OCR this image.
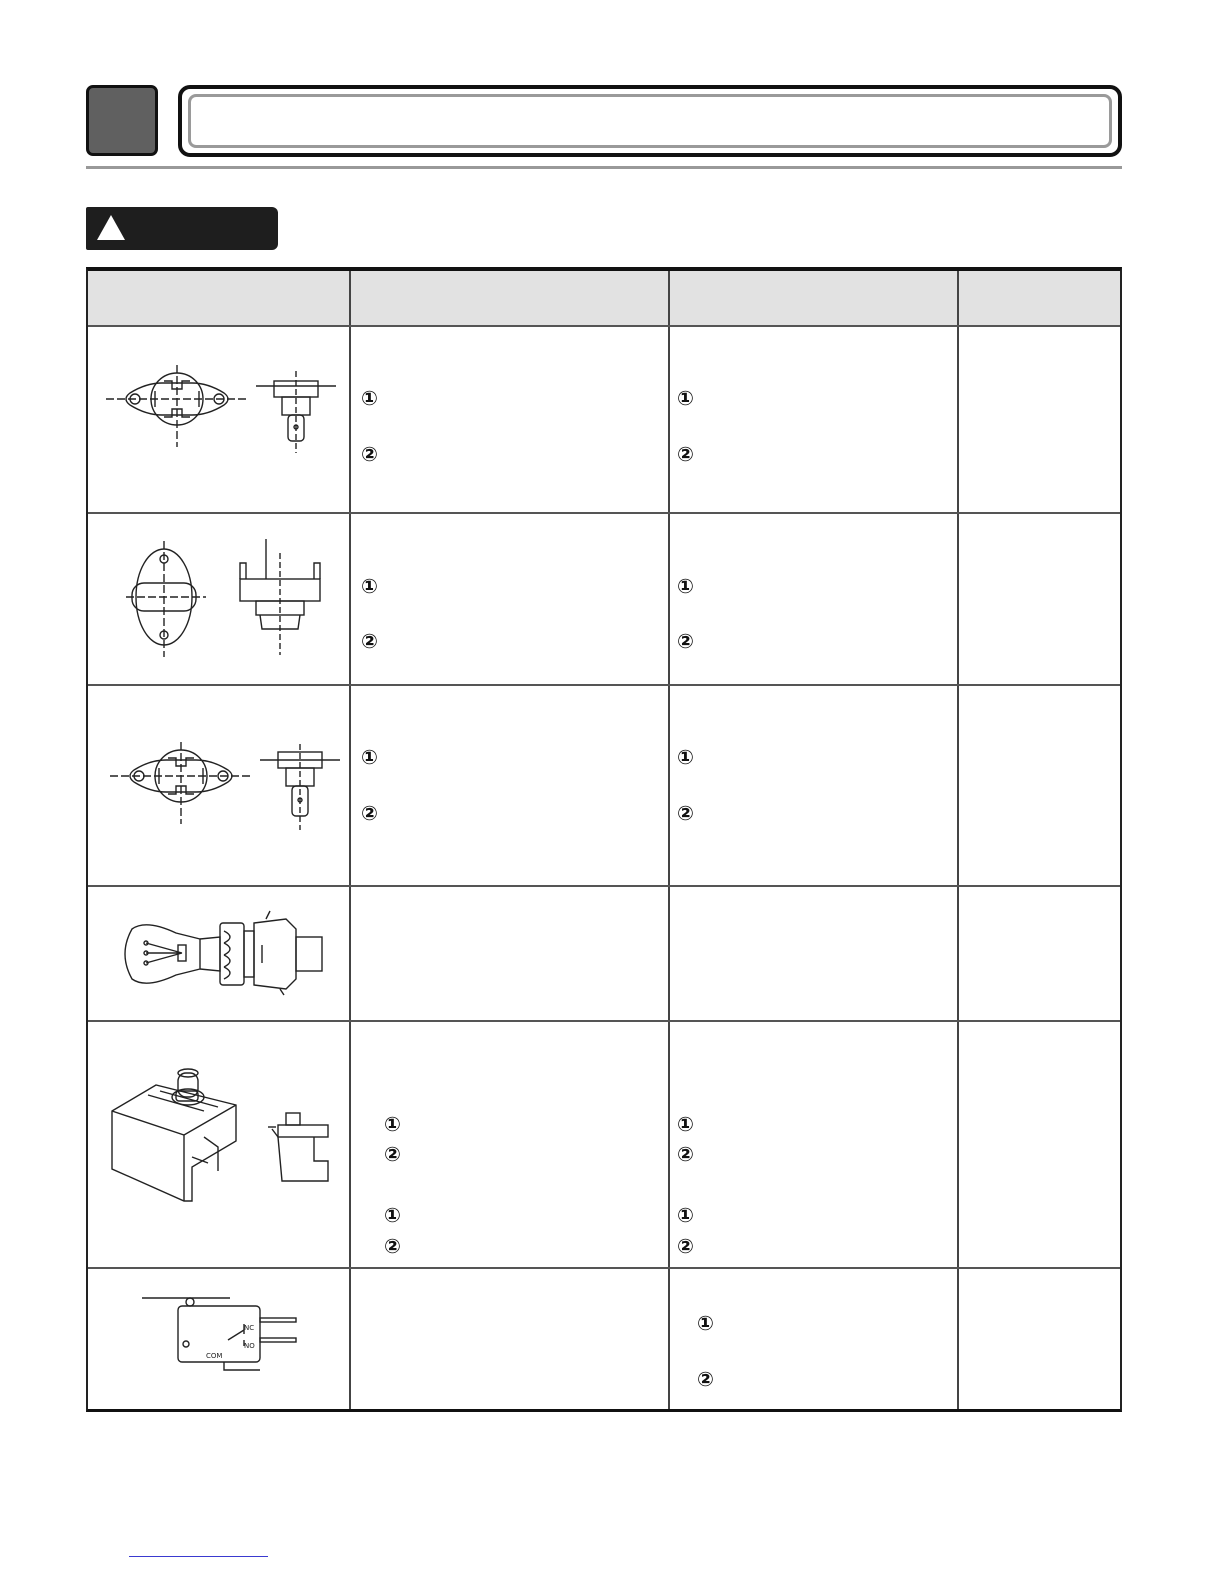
①
②
①
②
①
②
①
②
①
②
①
②
①
②
①
②
①
②
①
②
①
②
NC
NO
COM
